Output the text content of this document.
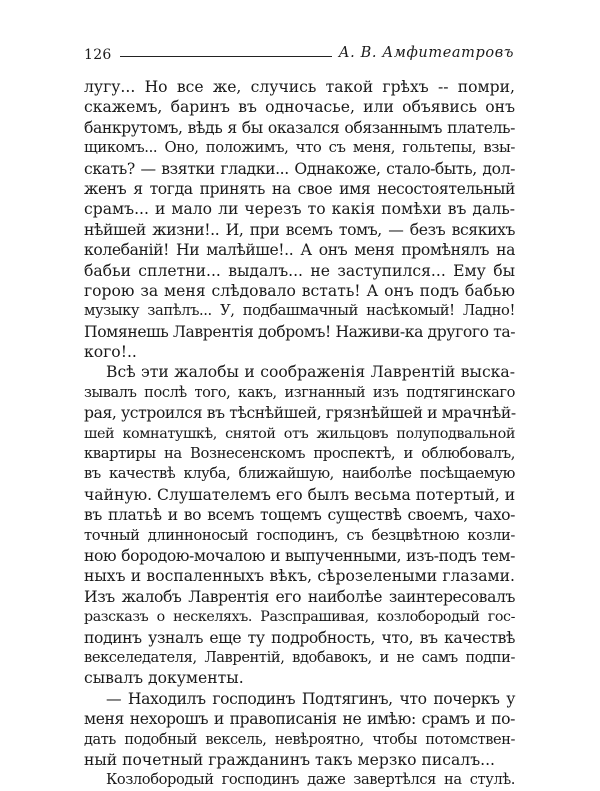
126	А. В. Амфитеатровъ
лугу... Но все же, случись такой грѣхъ -- помри,
скажемъ, баринъ въ одночасье, или объявись онъ
банкрутомъ, вѣдь я бы оказался обязаннымъ платель-
щикомъ... Оно, положимъ, что съ меня, гольтепы, взы-
скать? — взятки гладки... Однакоже, стало-быть, дол-
женъ я тогда принять на свое имя несостоятельный
срамъ... и мало ли черезъ то какія помѣхи въ даль-
нѣйшей жизни!.. И, при всемъ томъ, — безъ всякихъ
колебаній! Ни малѣйше!.. А онъ меня промѣнялъ на
бабьи сплетни... выдалъ... не заступился... Ему бы
горою за меня слѣдовало встать! А онъ подъ бабью
музыку запѣлъ... У, подбашмачный насѣкомый! Ладно!
Помянешь Лаврентія добромъ! Наживи-ка другого та-
кого!..
Всѣ эти жалобы и соображенія Лаврентій выска-
зывалъ послѣ того, какъ, изгнанный изъ подтягинскаго
рая, устроился въ тѣснѣйшей, грязнѣйшей и мрачнѣй-
шей комнатушкѣ, снятой отъ жильцовъ полуподвальной
квартиры на Вознесенскомъ проспектѣ, и облюбовалъ,
въ качествѣ клуба, ближайшую, наиболѣе посѣщаемую
чайную. Слушателемъ его былъ весьма потертый, и
въ платьѣ и во всемъ тощемъ существѣ своемъ, чахо-
точный длинноносый господинъ, съ безцвѣтною козли-
ною бородою-мочалою и выпученными, изъ-подъ тем-
ныхъ и воспаленныхъ вѣкъ, сѣрозелеными глазами.
Изъ жалобъ Лаврентія его наиболѣе заинтересовалъ
разсказъ о нескеляхъ. Разспрашивая, козлобородый гос-
подинъ узналъ еще ту подробность, что, въ качествѣ
векселедателя, Лаврентій, вдобавокъ, и не самъ подпи-
сывалъ документы.
— Находилъ господинъ Подтягинъ, что почеркъ у
меня нехорошъ и правописанія не имѣю: срамъ и по-
дать подобный вексель, невѣроятно, чтобы потомствен-
ный почетный гражданинъ такъ мерзко писалъ...
Козлобородый господинъ даже завертѣлся на стулѣ.
